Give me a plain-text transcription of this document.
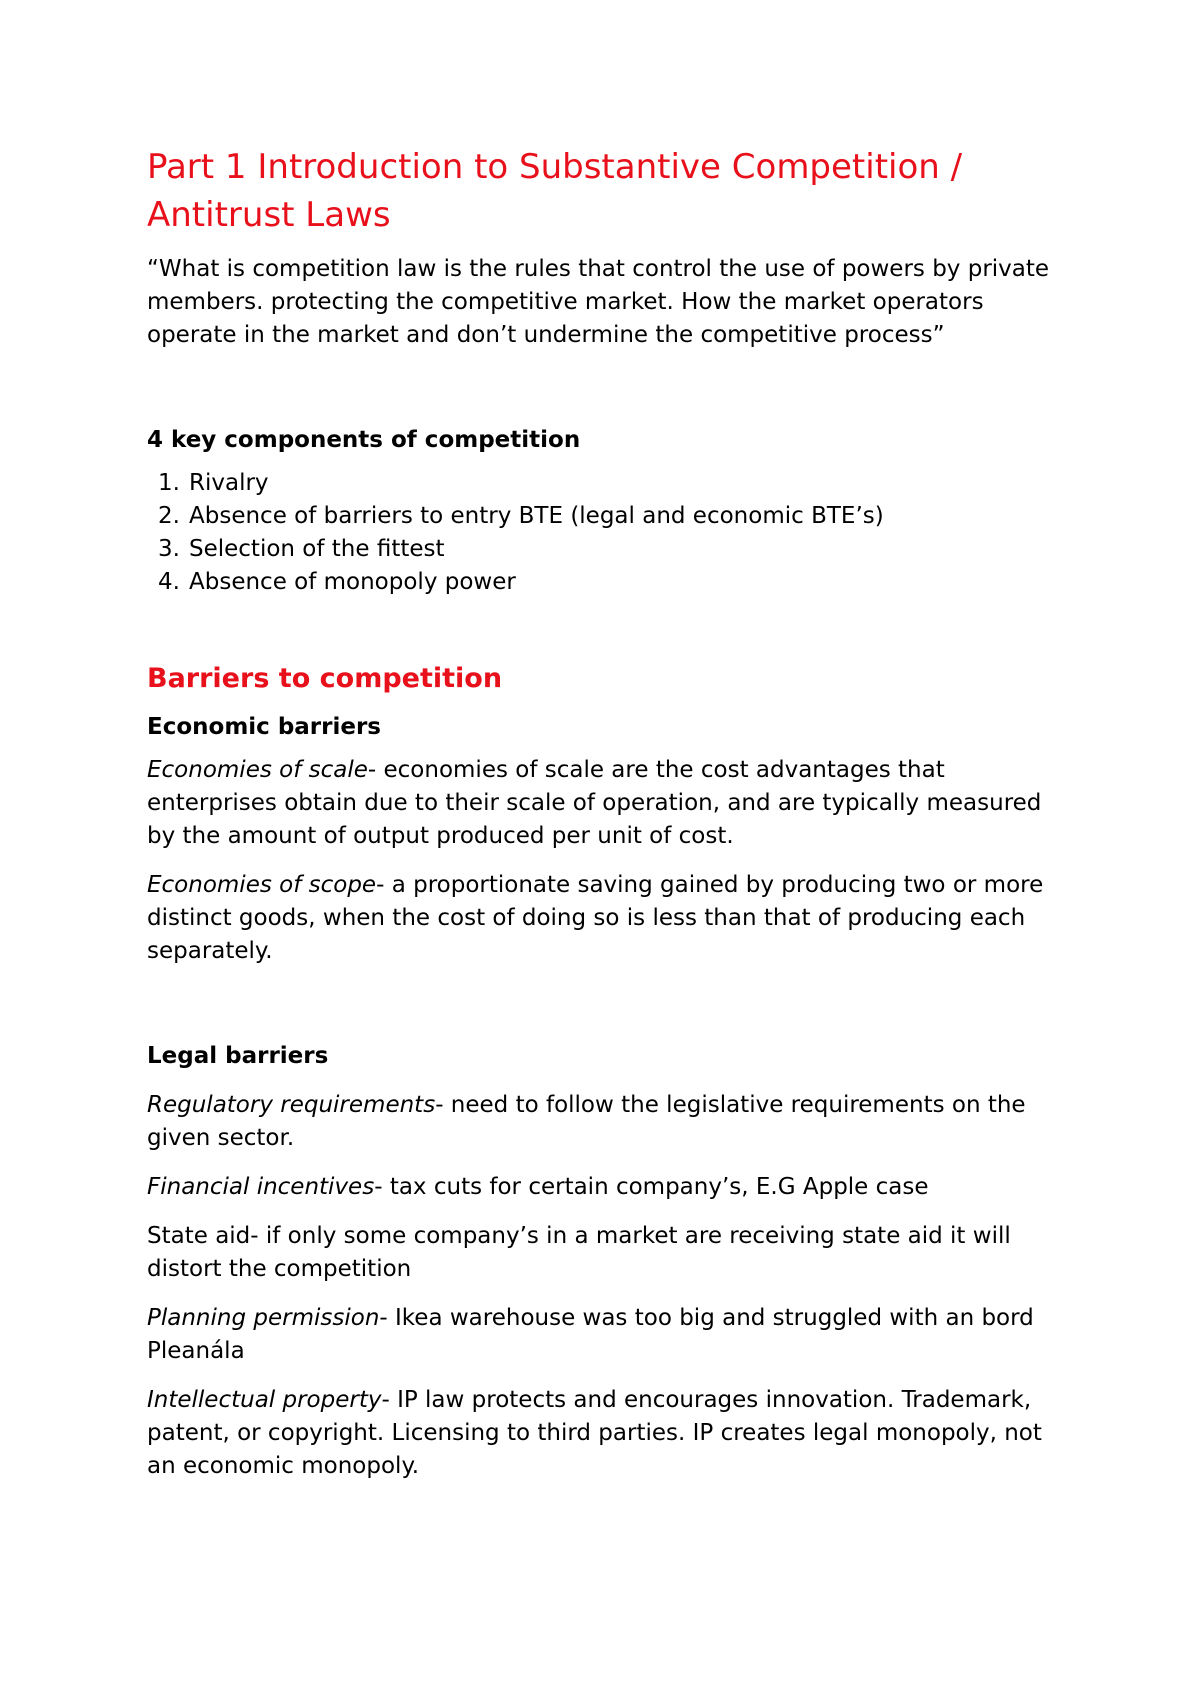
Part 1 Introduction to Substantive Competition / Antitrust Laws

“What is competition law is the rules that control the use of powers by private members. protecting the competitive market. How the market operators operate in the market and don’t undermine the competitive process”

4 key components of competition
1. Rivalry
2. Absence of barriers to entry BTE (legal and economic BTE’s)
3. Selection of the fittest
4. Absence of monopoly power
Barriers to competition
Economic barriers

Economies of scale- economies of scale are the cost advantages that enterprises obtain due to their scale of operation, and are typically measured by the amount of output produced per unit of cost.

Economies of scope- a proportionate saving gained by producing two or more distinct goods, when the cost of doing so is less than that of producing each separately.

Legal barriers

Regulatory requirements- need to follow the legislative requirements on the given sector.

Financial incentives- tax cuts for certain company’s, E.G Apple case

State aid- if only some company’s in a market are receiving state aid it will distort the competition

Planning permission- Ikea warehouse was too big and struggled with an bord Pleanála

Intellectual property- IP law protects and encourages innovation. Trademark, patent, or copyright. Licensing to third parties. IP creates legal monopoly, not an economic monopoly.
